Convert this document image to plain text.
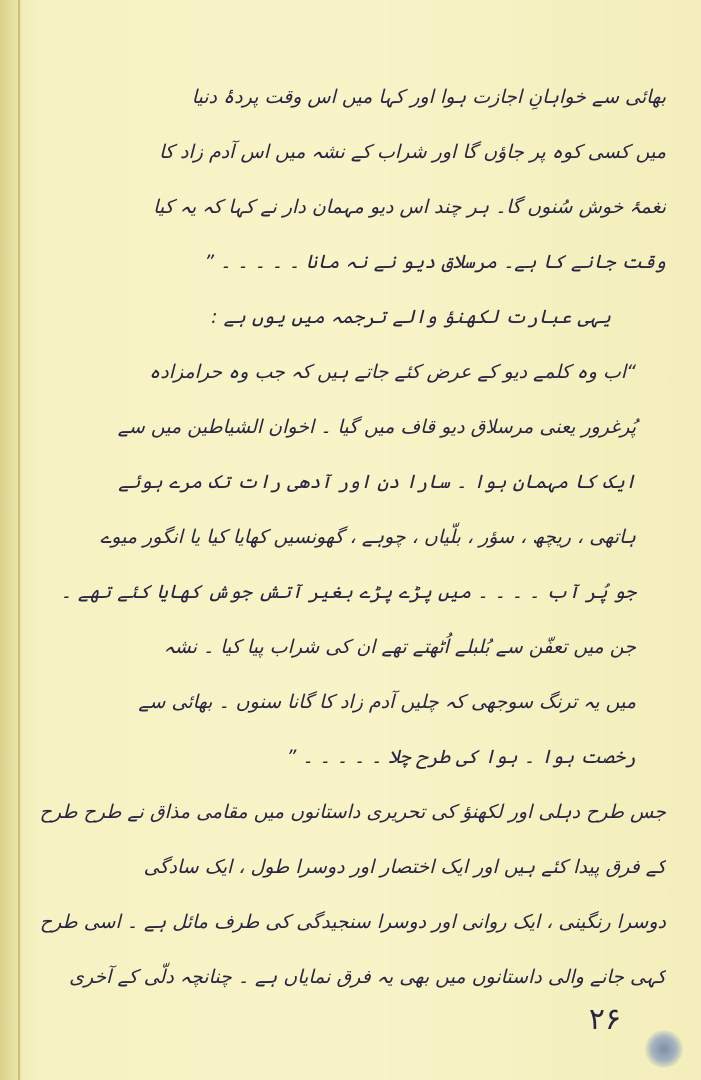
بھائی سے خواہانِ اجازت ہوا اور کہا میں اس وقت پردۂ دنیا
میں کسی کوہ پر جاؤں گا اور شراب کے نشہ میں اس آدم زاد کا
نغمۂ خوش سُنوں گا۔ ہر چند اس دیو مہمان دار نے کہا کہ یہ کیا
وقت جانے کا ہے۔ مرسلاق دیو نے نہ مانا ۔ ۔ ۔ ۔ ۔ ”
یہی عبارت لکھنؤ والے ترجمہ میں یوں ہے :
“اب وہ کلمے دیو کے عرض کئے جاتے ہیں کہ جب وہ حرامزادہ
پُرغرور یعنی مرسلاق دیو قاف میں گیا ۔ اخوان الشیاطین میں سے
ایک کا مہمان ہوا ۔ سارا دن اور آدھی رات تک مرے ہوئے
ہاتھی ، ریچھ ، سؤر ، بلّیاں ، چوہے ، گھونسیں کھایا کیا یا انگور میوے
جو پُر آب ۔ ۔ ۔ ۔ میں پڑے پڑے بغیر آتش جوش کھایا کئے تھے ۔
جن میں تعفّن سے بُلبلے اُٹھتے تھے ان کی شراب پیا کیا ۔ نشہ
میں یہ ترنگ سوجھی کہ چلیں آدم زاد کا گانا سنوں ۔ بھائی سے
رخصت ہوا ۔ ہوا کی طرح چلا ۔ ۔ ۔ ۔ ۔ ”
جس طرح دہلی اور لکھنؤ کی تحریری داستانوں میں مقامی مذاق نے طرح طرح
کے فرق پیدا کئے ہیں اور ایک اختصار اور دوسرا طول ، ایک سادگی
دوسرا رنگینی ، ایک روانی اور دوسرا سنجیدگی کی طرف مائل ہے ۔ اسی طرح
کہی جانے والی داستانوں میں بھی یہ فرق نمایاں ہے ۔ چنانچہ دلّی کے آخری
۲۶
